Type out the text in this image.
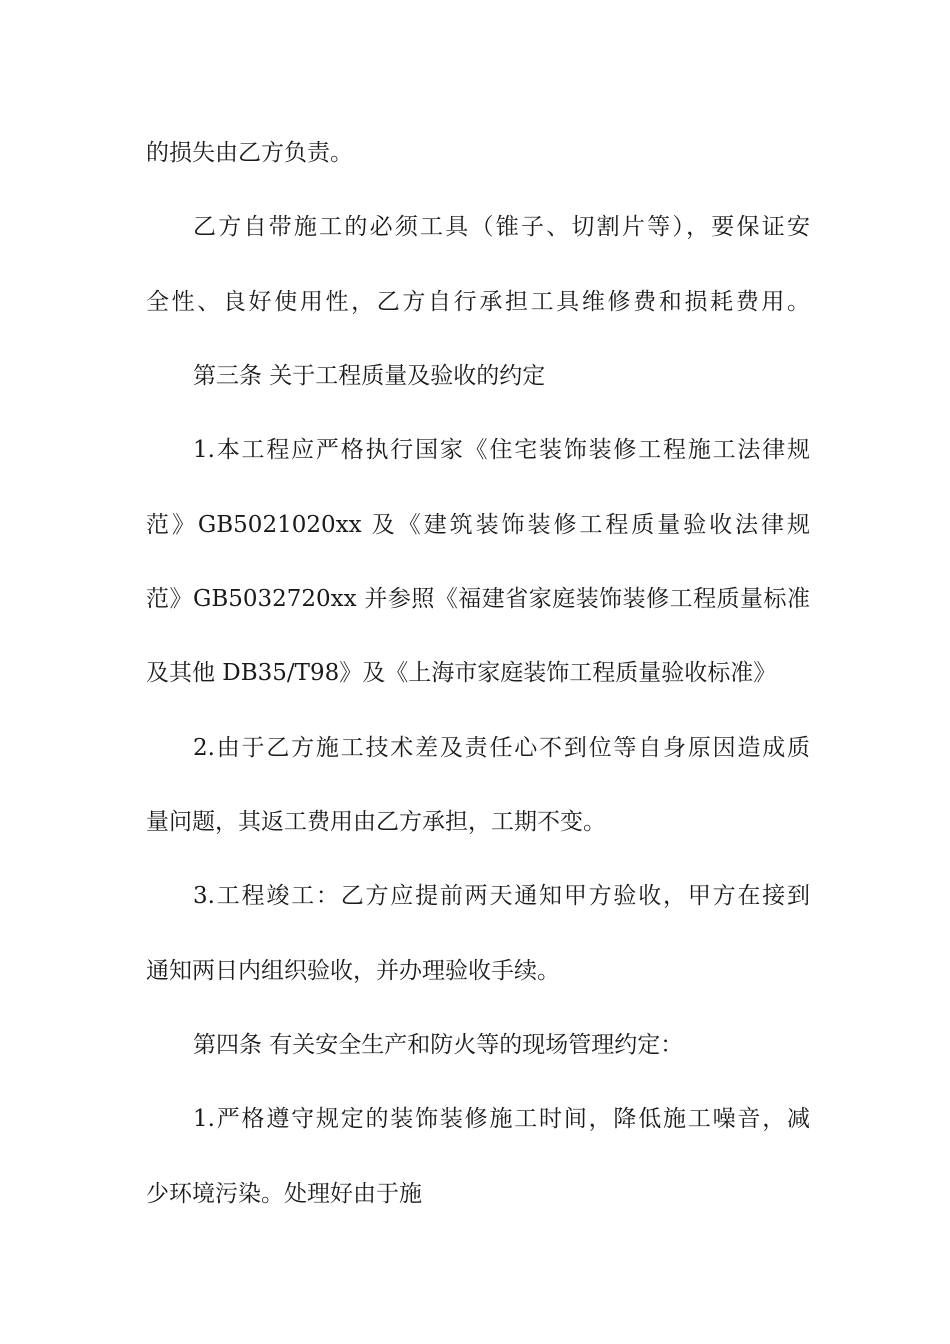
的损失由乙方负责。
乙方自带施工的必须工具（锥子、切割片等），要保证安
全性、良好使用性，乙方自行承担工具维修费和损耗费用。
第三条 关于工程质量及验收的约定
1.本工程应严格执行国家《住宅装饰装修工程施工法律规
范》GB5021020xx 及《建筑装饰装修工程质量验收法律规
范》GB5032720xx 并参照《福建省家庭装饰装修工程质量标准
及其他 DB35/T98》及《上海市家庭装饰工程质量验收标准》
2.由于乙方施工技术差及责任心不到位等自身原因造成质
量问题，其返工费用由乙方承担，工期不变。
3.工程竣工：乙方应提前两天通知甲方验收，甲方在接到
通知两日内组织验收，并办理验收手续。
第四条 有关安全生产和防火等的现场管理约定：
1.严格遵守规定的装饰装修施工时间，降低施工噪音，减
少环境污染。处理好由于施
